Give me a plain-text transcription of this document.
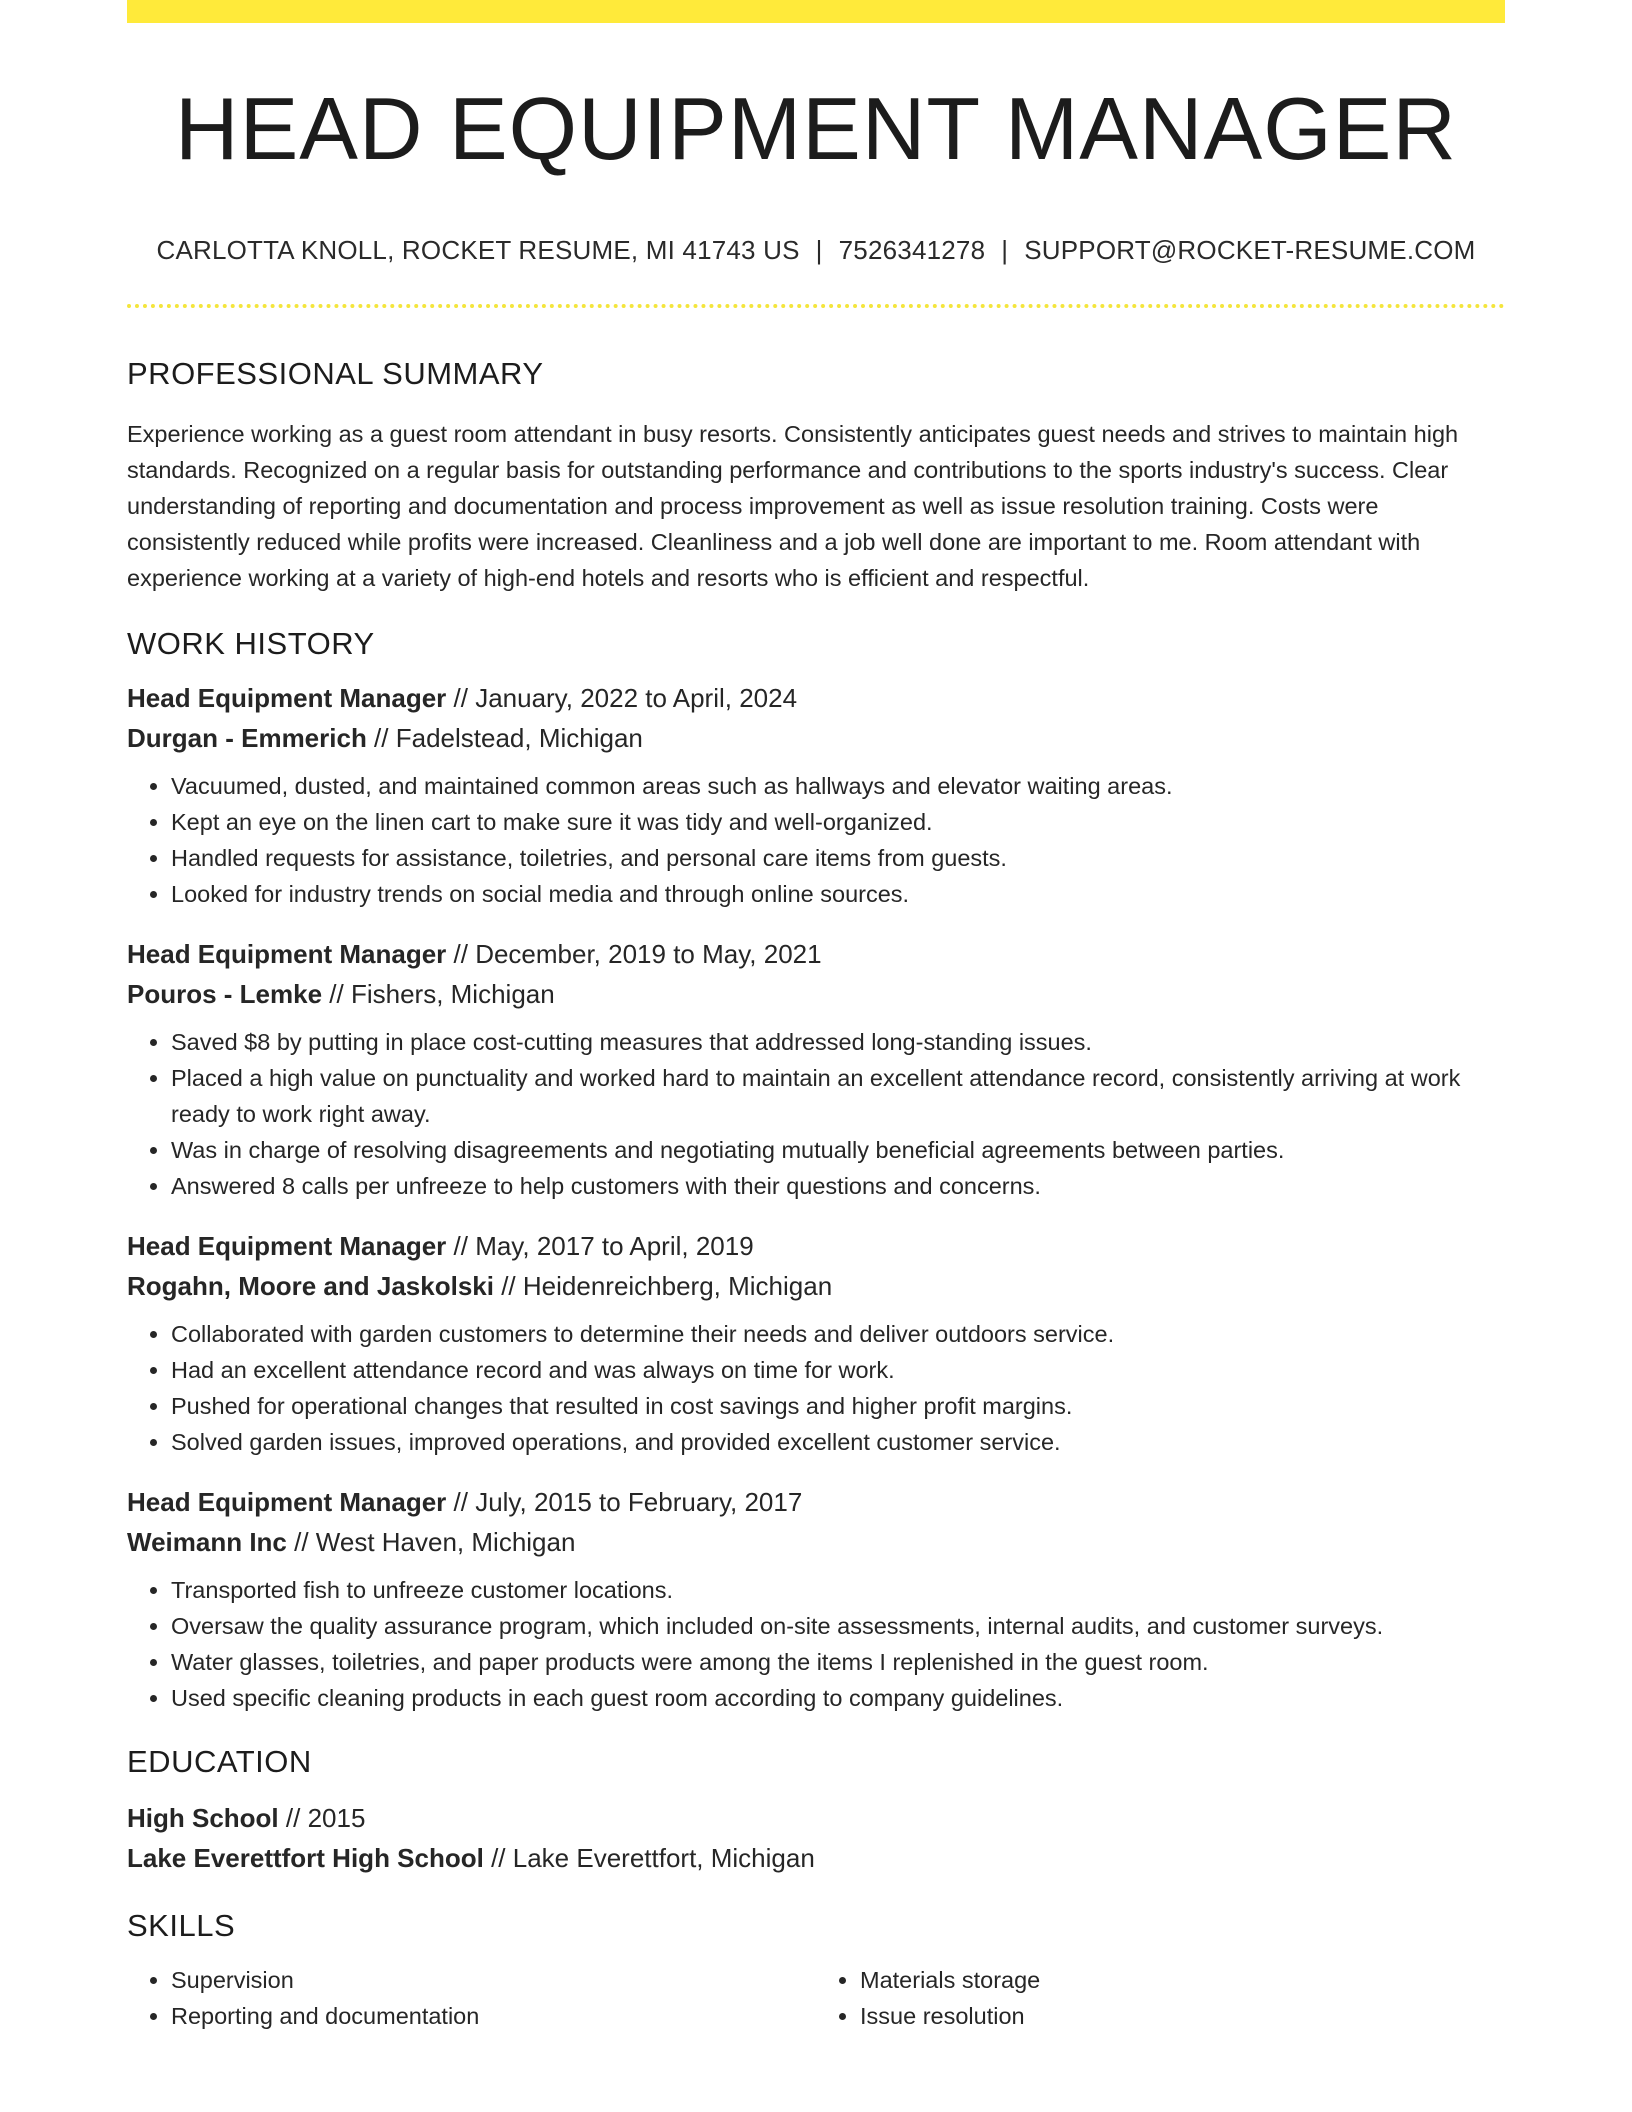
HEAD EQUIPMENT MANAGER
CARLOTTA KNOLL, ROCKET RESUME, MI 41743 US | 7526341278 | SUPPORT@ROCKET-RESUME.COM
PROFESSIONAL SUMMARY
Experience working as a guest room attendant in busy resorts. Consistently anticipates guest needs and strives to maintain high standards. Recognized on a regular basis for outstanding performance and contributions to the sports industry's success. Clear understanding of reporting and documentation and process improvement as well as issue resolution training. Costs were consistently reduced while profits were increased. Cleanliness and a job well done are important to me. Room attendant with experience working at a variety of high-end hotels and resorts who is efficient and respectful.
WORK HISTORY
Head Equipment Manager // January, 2022 to April, 2024
Durgan - Emmerich // Fadelstead, Michigan
• Vacuumed, dusted, and maintained common areas such as hallways and elevator waiting areas.
• Kept an eye on the linen cart to make sure it was tidy and well-organized.
• Handled requests for assistance, toiletries, and personal care items from guests.
• Looked for industry trends on social media and through online sources.
Head Equipment Manager // December, 2019 to May, 2021
Pouros - Lemke // Fishers, Michigan
• Saved $8 by putting in place cost-cutting measures that addressed long-standing issues.
• Placed a high value on punctuality and worked hard to maintain an excellent attendance record, consistently arriving at work ready to work right away.
• Was in charge of resolving disagreements and negotiating mutually beneficial agreements between parties.
• Answered 8 calls per unfreeze to help customers with their questions and concerns.
Head Equipment Manager // May, 2017 to April, 2019
Rogahn, Moore and Jaskolski // Heidenreichberg, Michigan
• Collaborated with garden customers to determine their needs and deliver outdoors service.
• Had an excellent attendance record and was always on time for work.
• Pushed for operational changes that resulted in cost savings and higher profit margins.
• Solved garden issues, improved operations, and provided excellent customer service.
Head Equipment Manager // July, 2015 to February, 2017
Weimann Inc // West Haven, Michigan
• Transported fish to unfreeze customer locations.
• Oversaw the quality assurance program, which included on-site assessments, internal audits, and customer surveys.
• Water glasses, toiletries, and paper products were among the items I replenished in the guest room.
• Used specific cleaning products in each guest room according to company guidelines.
EDUCATION
High School // 2015
Lake Everettfort High School // Lake Everettfort, Michigan
SKILLS
• Supervision
• Reporting and documentation
• Materials storage
• Issue resolution
